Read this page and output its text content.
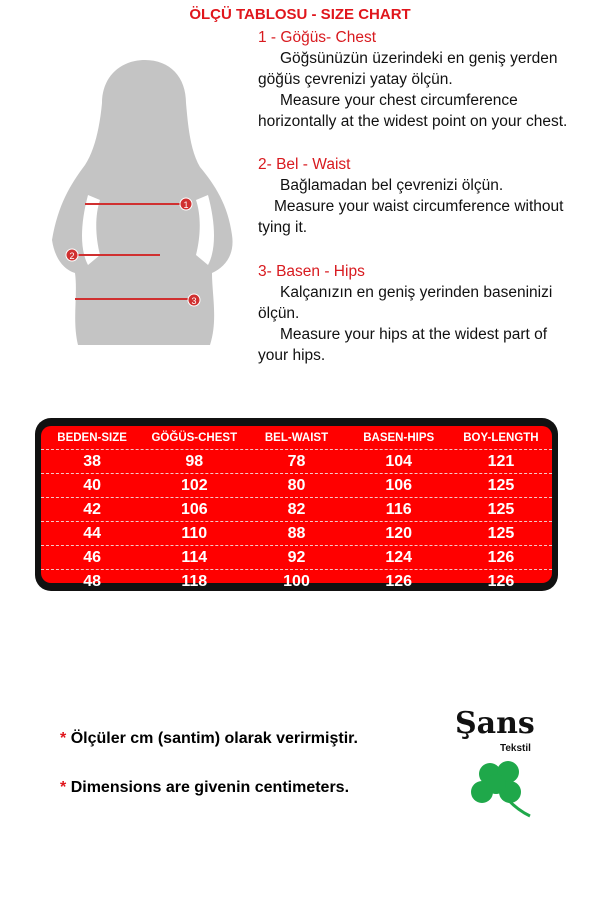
ÖLÇÜ TABLOSU - SIZE CHART
1
2
3
1 - Göğüs- Chest
Göğsünüzün üzerindeki en geniş yerden
göğüs çevrenizi yatay ölçün.
Measure your chest circumference
horizontally at the widest point on your chest.
2- Bel - Waist
Bağlamadan bel çevrenizi ölçün.
Measure your waist circumference without
tying it.
3- Basen - Hips
Kalçanızın en geniş yerinden baseninizi
ölçün.
Measure your hips at the widest part of
your hips.
BEDEN-SIZE	GÖĞÜS-CHEST	BEL-WAIST	BASEN-HIPS	BOY-LENGTH
38	98	78	104	121
40	102	80	106	125
42	106	82	116	125
44	110	88	120	125
46	114	92	124	126
48	118	100	126	126
* Ölçüler cm (santim) olarak verirmiştir.
* Dimensions are givenin centimeters.
Şans
Tekstil
